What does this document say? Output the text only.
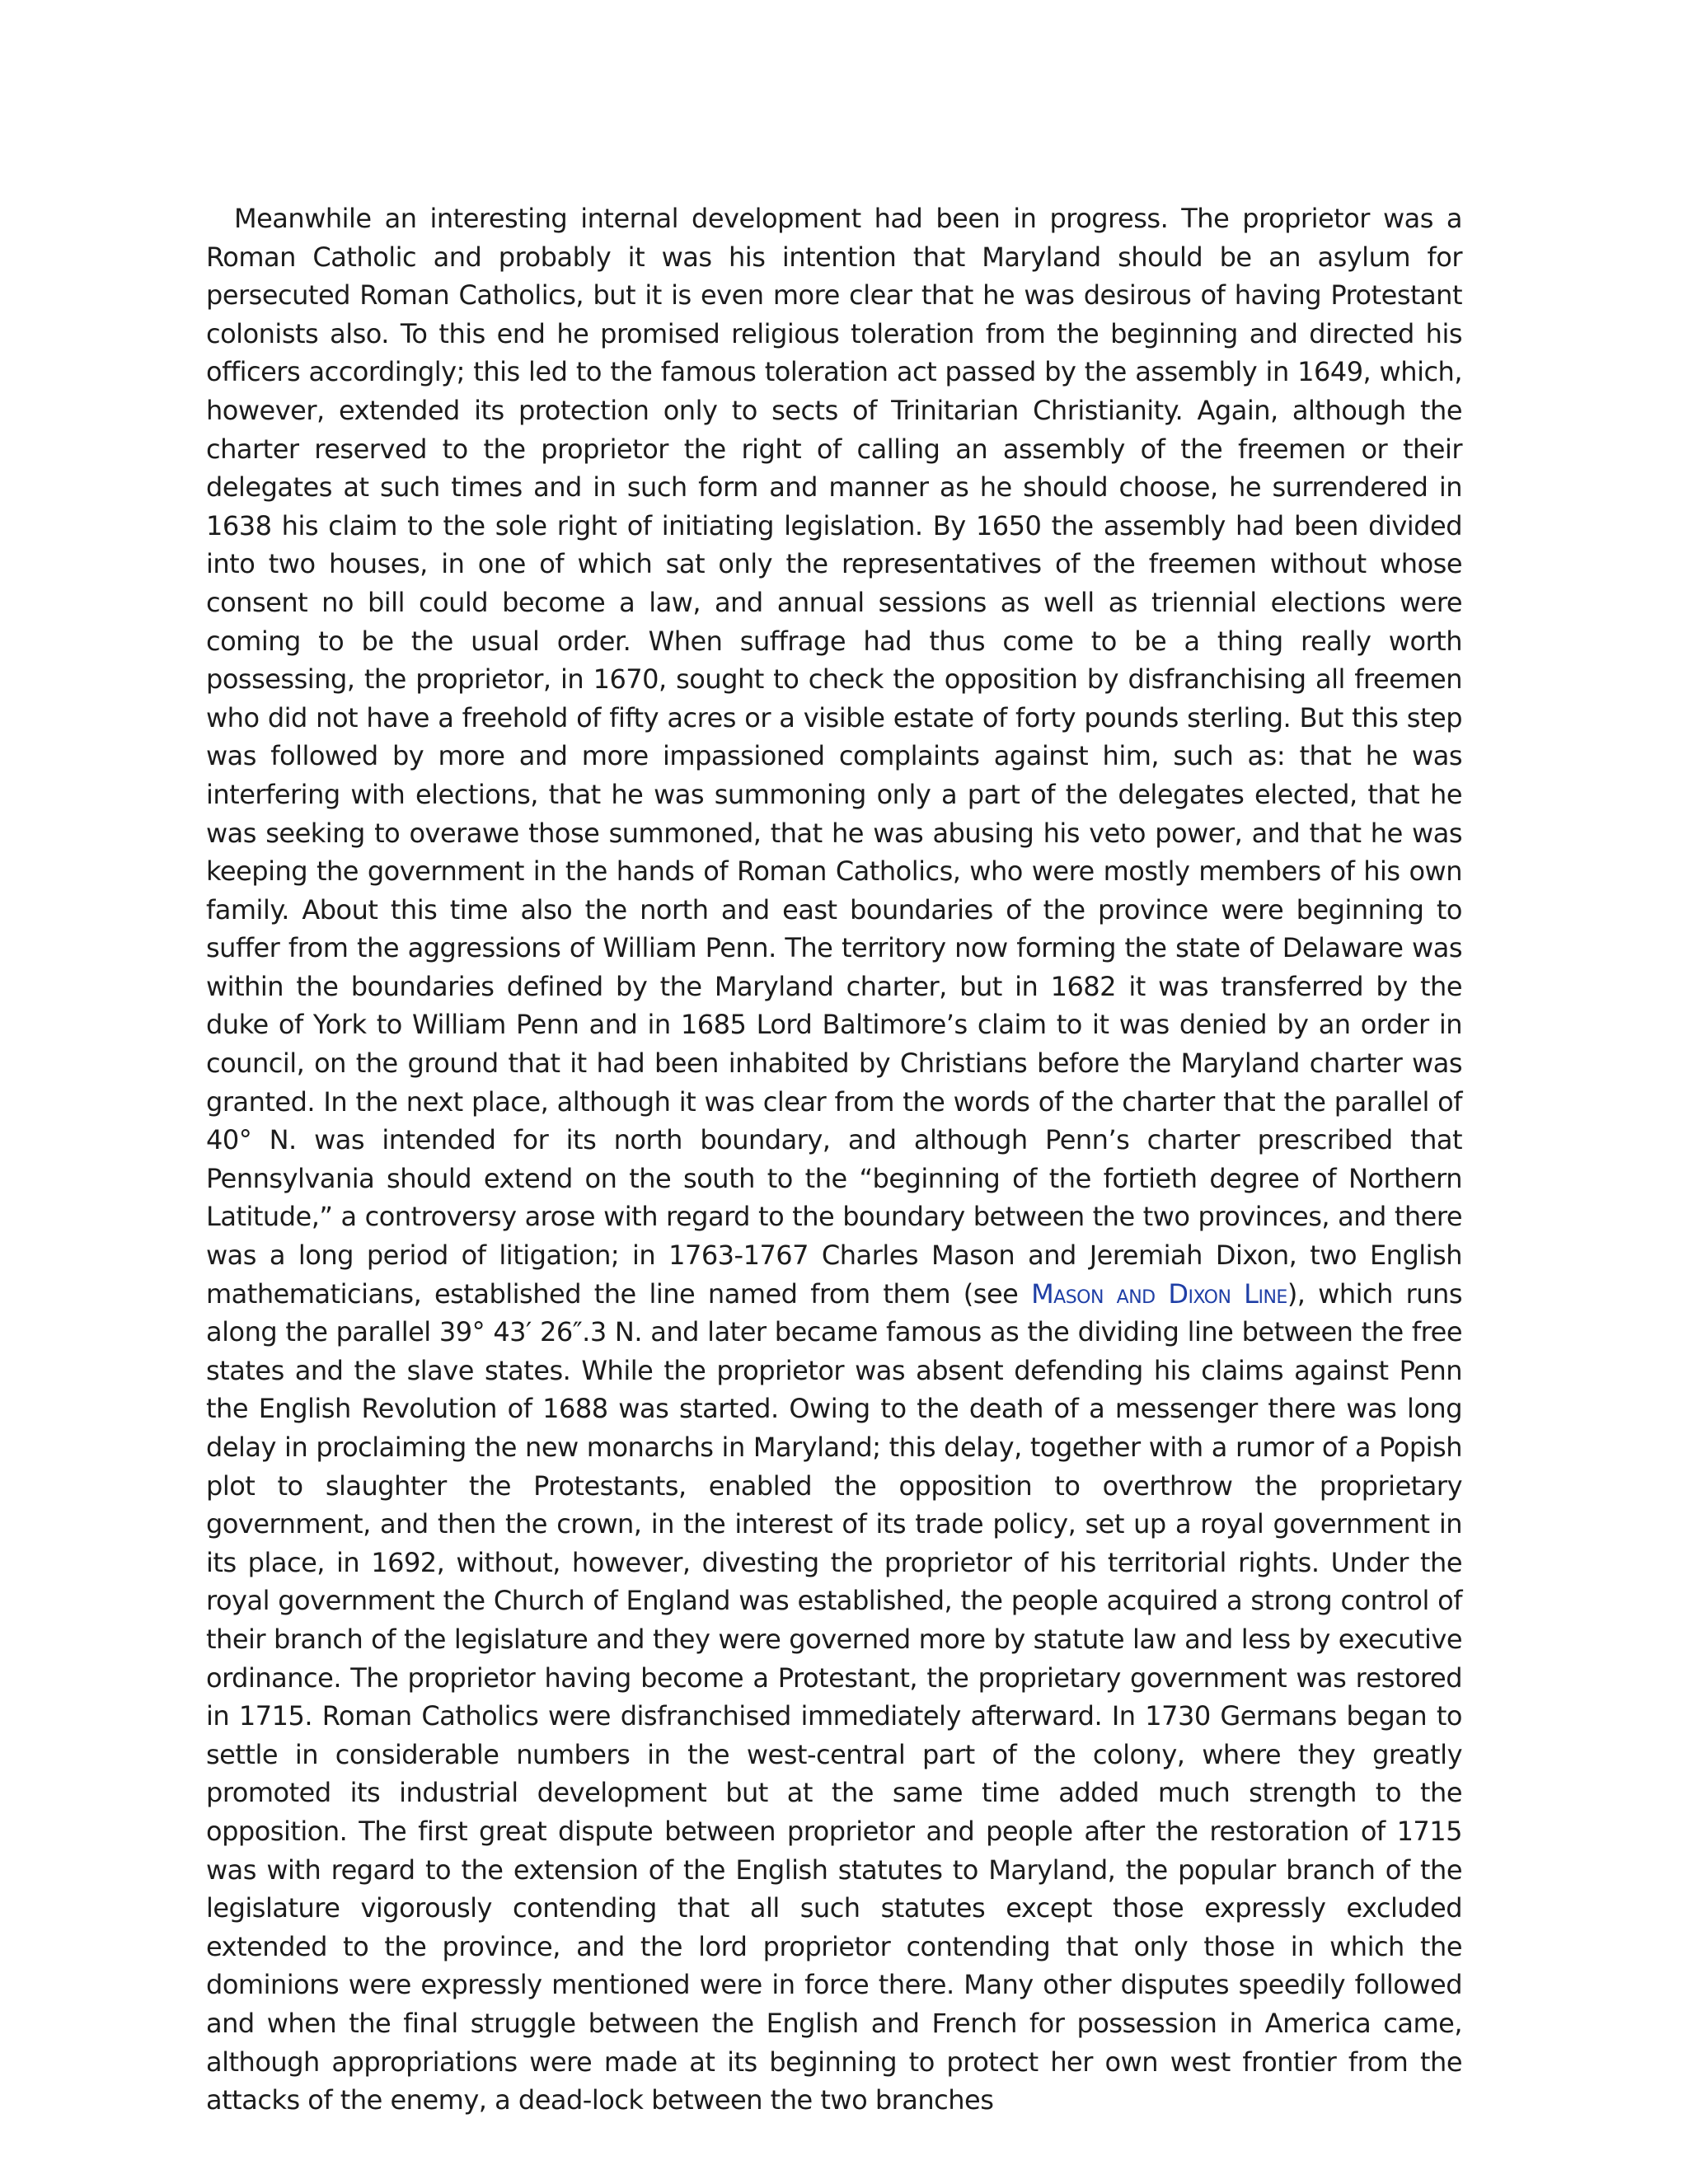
Meanwhile an interesting internal development had been in progress. The proprietor was a Roman Catholic and probably it was his intention that Maryland should be an asylum for persecuted Roman Catholics, but it is even more clear that he was desirous of having Protestant colonists also. To this end he promised religious toleration from the beginning and directed his officers accordingly; this led to the famous toleration act passed by the assembly in 1649, which, however, extended its protection only to sects of Trinitarian Christianity. Again, although the charter reserved to the proprietor the right of calling an assembly of the freemen or their delegates at such times and in such form and manner as he should choose, he surrendered in 1638 his claim to the sole right of initiating legislation. By 1650 the assembly had been divided into two houses, in one of which sat only the representatives of the freemen without whose consent no bill could become a law, and annual sessions as well as triennial elections were coming to be the usual order. When suffrage had thus come to be a thing really worth possessing, the proprietor, in 1670, sought to check the opposition by disfranchising all freemen who did not have a freehold of fifty acres or a visible estate of forty pounds sterling. But this step was followed by more and more impassioned complaints against him, such as: that he was interfering with elections, that he was summoning only a part of the delegates elected, that he was seeking to overawe those summoned, that he was abusing his veto power, and that he was keeping the government in the hands of Roman Catholics, who were mostly members of his own family. About this time also the north and east boundaries of the province were beginning to suffer from the aggressions of William Penn. The territory now forming the state of Delaware was within the boundaries defined by the Maryland charter, but in 1682 it was transferred by the duke of York to William Penn and in 1685 Lord Baltimore’s claim to it was denied by an order in council, on the ground that it had been inhabited by Christians before the Maryland charter was granted. In the next place, although it was clear from the words of the charter that the parallel of 40° N. was intended for its north boundary, and although Penn’s charter prescribed that Pennsylvania should extend on the south to the “beginning of the fortieth degree of Northern Latitude,” a controversy arose with regard to the boundary between the two provinces, and there was a long period of litigation; in 1763-1767 Charles Mason and Jeremiah Dixon, two English mathematicians, established the line named from them (see Mason and Dixon Line), which runs along the parallel 39° 43′ 26″.3 N. and later became famous as the dividing line between the free states and the slave states. While the proprietor was absent defending his claims against Penn the English Revolution of 1688 was started. Owing to the death of a messenger there was long delay in proclaiming the new monarchs in Maryland; this delay, together with a rumor of a Popish plot to slaughter the Protestants, enabled the opposition to overthrow the proprietary government, and then the crown, in the interest of its trade policy, set up a royal government in its place, in 1692, without, however, divesting the proprietor of his territorial rights. Under the royal government the Church of England was established, the people acquired a strong control of their branch of the legislature and they were governed more by statute law and less by executive ordinance. The proprietor having become a Protestant, the proprietary government was restored in 1715. Roman Catholics were disfranchised immediately afterward. In 1730 Germans began to settle in considerable numbers in the west-central part of the colony, where they greatly promoted its industrial development but at the same time added much strength to the opposition. The first great dispute between proprietor and people after the restoration of 1715 was with regard to the extension of the English statutes to Maryland, the popular branch of the legislature vigorously contending that all such statutes except those expressly excluded extended to the province, and the lord proprietor contending that only those in which the dominions were expressly mentioned were in force there. Many other disputes speedily followed and when the final struggle between the English and French for possession in America came, although appropriations were made at its beginning to protect her own west frontier from the attacks of the enemy, a dead-lock between the two branches
